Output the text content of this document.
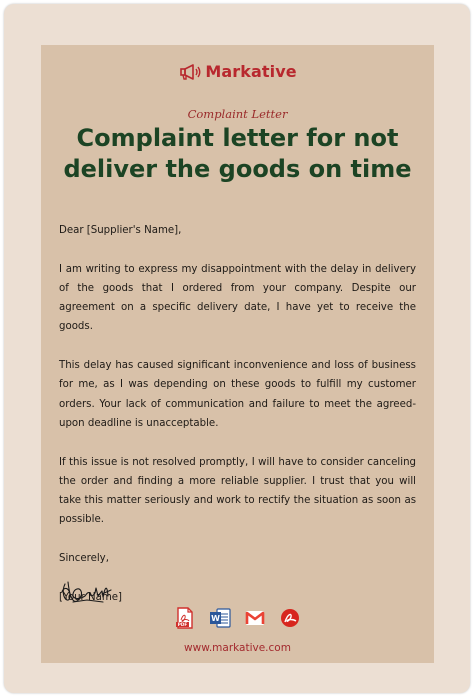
Markative
Complaint Letter
Complaint letter for not deliver the goods on time

Dear [Supplier's Name],

I am writing to express my disappointment with the delay in delivery of the goods that I ordered from your company. Despite our agreement on a specific delivery date, I have yet to receive the goods.

This delay has caused significant inconvenience and loss of business for me, as I was depending on these goods to fulfill my customer orders. Your lack of communication and failure to meet the agreed-upon deadline is unacceptable.

If this issue is not resolved promptly, I will have to consider canceling the order and finding a more reliable supplier. I trust that you will take this matter seriously and work to rectify the situation as soon as possible.

Sincerely,

[Your Name]

PDF
W
www.markative.com
